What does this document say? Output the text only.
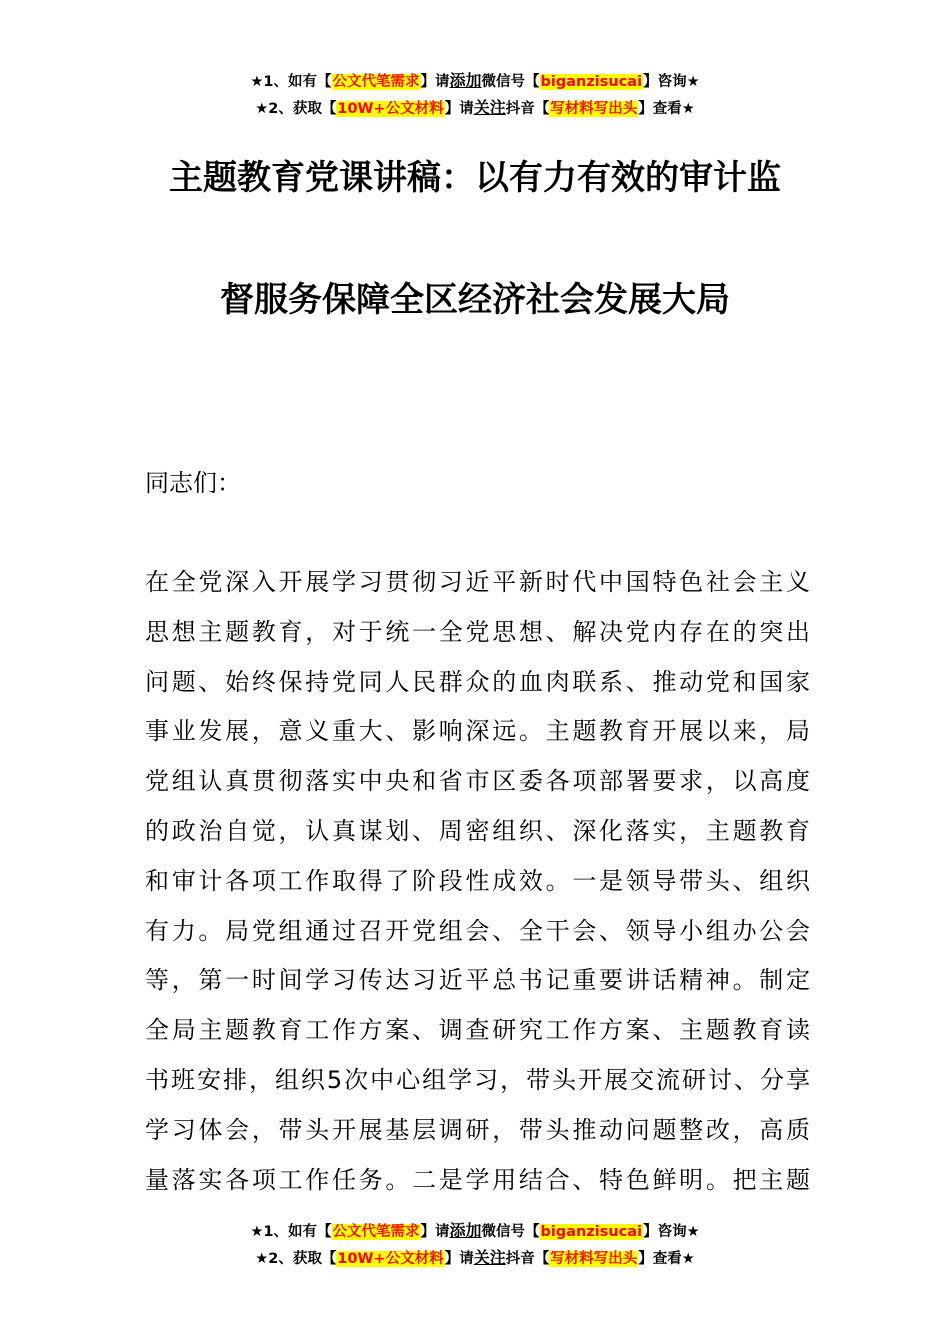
★1、如有【公文代笔需求】请添加微信号【biganzisucai】咨询★
★2、获取【10W+公文材料】请关注抖音【写材料写出头】查看★
主题教育党课讲稿：以有力有效的审计监
督服务保障全区经济社会发展大局
同志们：
在全党深入开展学习贯彻习近平新时代中国特色社会主义
思想主题教育，对于统一全党思想、解决党内存在的突出
问题、始终保持党同人民群众的血肉联系、推动党和国家
事业发展，意义重大、影响深远。主题教育开展以来，局
党组认真贯彻落实中央和省市区委各项部署要求，以高度
的政治自觉，认真谋划、周密组织、深化落实，主题教育
和审计各项工作取得了阶段性成效。一是领导带头、组织
有力。局党组通过召开党组会、全干会、领导小组办公会
等，第一时间学习传达习近平总书记重要讲话精神。制定
全局主题教育工作方案、调查研究工作方案、主题教育读
书班安排，组织5次中心组学习，带头开展交流研讨、分享
学习体会，带头开展基层调研，带头推动问题整改，高质
量落实各项工作任务。二是学用结合、特色鲜明。把主题
★1、如有【公文代笔需求】请添加微信号【biganzisucai】咨询★
★2、获取【10W+公文材料】请关注抖音【写材料写出头】查看★
